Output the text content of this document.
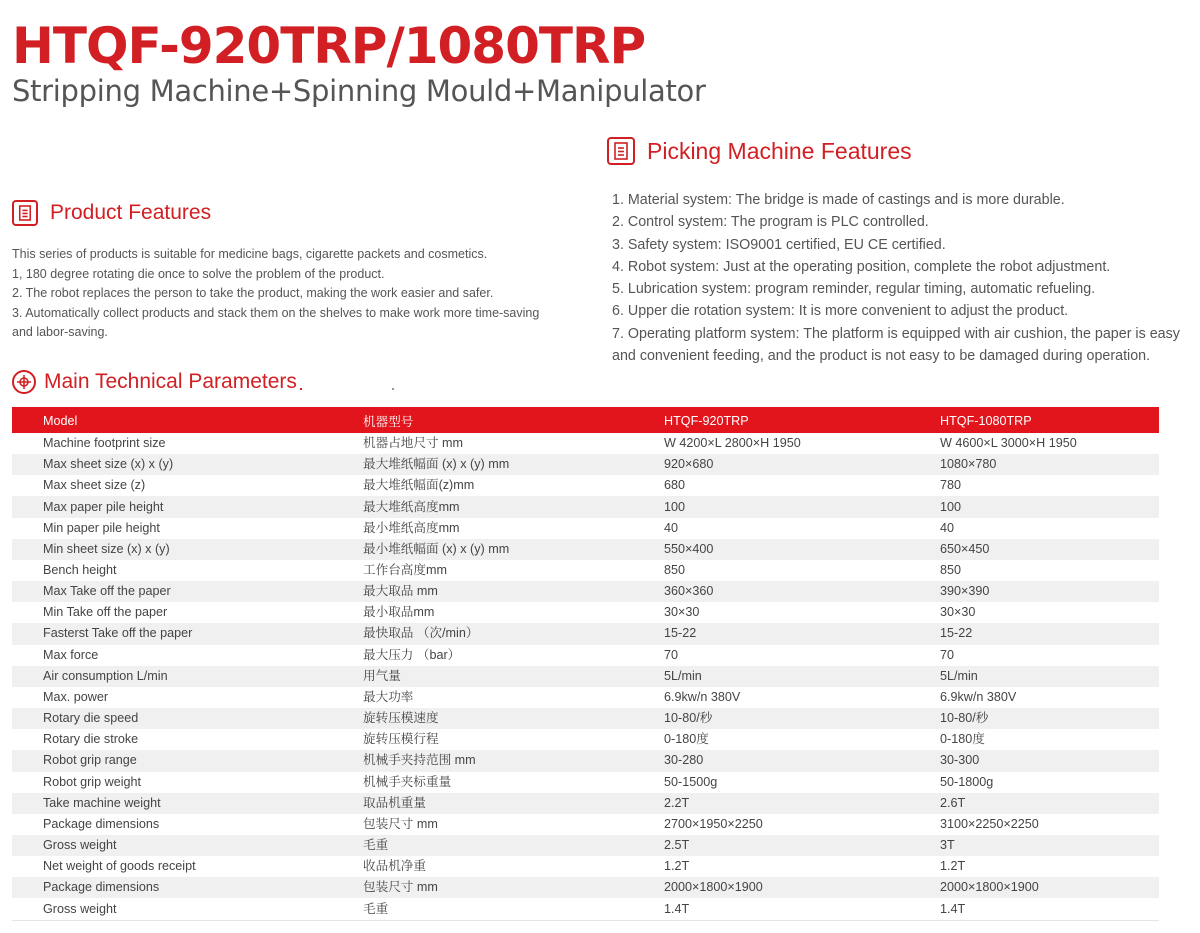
HTQF-920TRP/1080TRP
Stripping Machine+Spinning Mould+Manipulator
Picking Machine Features

1. Material system: The bridge is made of castings and is more durable.

2. Control system: The program is PLC controlled.

3. Safety system: ISO9001 certified, EU CE certified.

4. Robot system: Just at the operating position, complete the robot adjustment.

5. Lubrication system: program reminder, regular timing, automatic refueling.

6. Upper die rotation system: It is more convenient to adjust the product.

7. Operating platform system: The platform is equipped with air cushion, the paper is easy and convenient feeding, and the product is not easy to be damaged during operation.

Product Features

This series of products is suitable for medicine bags, cigarette packets and cosmetics.

1, 180 degree rotating die once to solve the problem of the product.

2. The robot replaces the person to take the product, making the work easier and safer.

3. Automatically collect products and stack them on the shelves to make work more time-saving and labor-saving.

Main Technical Parameters
Model	机器型号	HTQF-920TRP	HTQF-1080TRP
Machine footprint size	机器占地尺寸 mm	W 4200×L 2800×H 1950	W 4600×L 3000×H 1950
Max sheet size (x) x (y)	最大堆纸幅面 (x) x (y) mm	920×680	1080×780
Max sheet size (z)	最大堆纸幅面(z)mm	680	780
Max paper pile height	最大堆纸高度mm	100	100
Min paper pile height	最小堆纸高度mm	40	40
Min sheet size (x) x (y)	最小堆纸幅面 (x) x (y) mm	550×400	650×450
Bench height	工作台高度mm	850	850
Max Take off the paper	最大取品 mm	360×360	390×390
Min Take off the paper	最小取品mm	30×30	30×30
Fasterst Take off the paper	最快取品 （次/min）	15-22	15-22
Max force	最大压力 （bar）	70	70
Air consumption L/min	用气量	5L/min	5L/min
Max. power	最大功率	6.9kw/n 380V	6.9kw/n 380V
Rotary die speed	旋转压模速度	10-80/秒	10-80/秒
Rotary die stroke	旋转压模行程	0-180度	0-180度
Robot grip range	机械手夹持范围 mm	30-280	30-300
Robot grip weight	机械手夹标重量	50-1500g	50-1800g
Take machine weight	取品机重量	2.2T	2.6T
Package dimensions	包装尺寸 mm	2700×1950×2250	3100×2250×2250
Gross weight	毛重	2.5T	3T
Net weight of goods receipt	收品机净重	1.2T	1.2T
Package dimensions	包装尺寸 mm	2000×1800×1900	2000×1800×1900
Gross weight	毛重	1.4T	1.4T
